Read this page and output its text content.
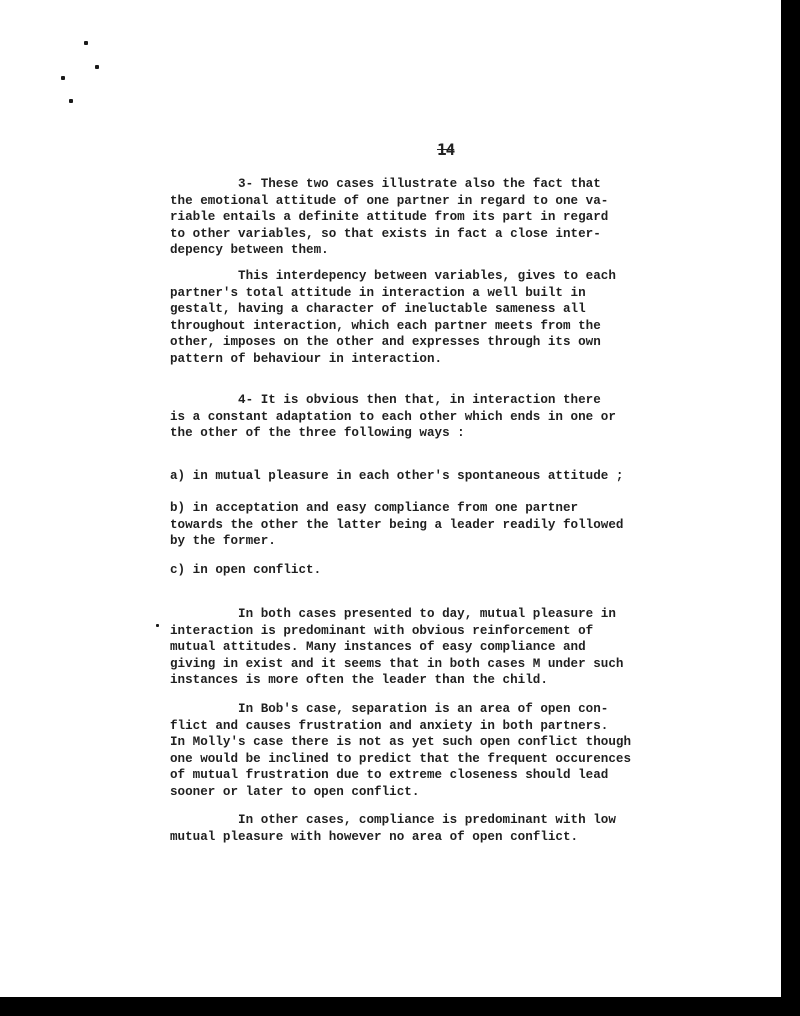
14

3- These two cases illustrate also the fact that
the emotional attitude of one partner in regard to one va-
riable entails a definite attitude from its part in regard
to other variables, so that exists in fact a close inter-
depency between them.

This interdepency between variables, gives to each
partner's total attitude in interaction a well built in
gestalt, having a character of ineluctable sameness all
throughout interaction, which each partner meets from the
other, imposes on the other and expresses through its own
pattern of behaviour in interaction.

4- It is obvious then that, in interaction there
is a constant adaptation to each other which ends in one or
the other of the three following ways :

a) in mutual pleasure in each other's spontaneous attitude ;

b) in acceptation and easy compliance from one partner
towards the other the latter being a leader readily followed
by the former.

c) in open conflict.

In both cases presented to day, mutual pleasure in
interaction is predominant with obvious reinforcement of
mutual attitudes. Many instances of easy compliance and
giving in exist and it seems that in both cases M under such
instances is more often the leader than the child.

In Bob's case, separation is an area of open con-
flict and causes frustration and anxiety in both partners.
In Molly's case there is not as yet such open conflict though
one would be inclined to predict that the frequent occurences
of mutual frustration due to extreme closeness should lead
sooner or later to open conflict.

In other cases, compliance is predominant with low
mutual pleasure with however no area of open conflict.
